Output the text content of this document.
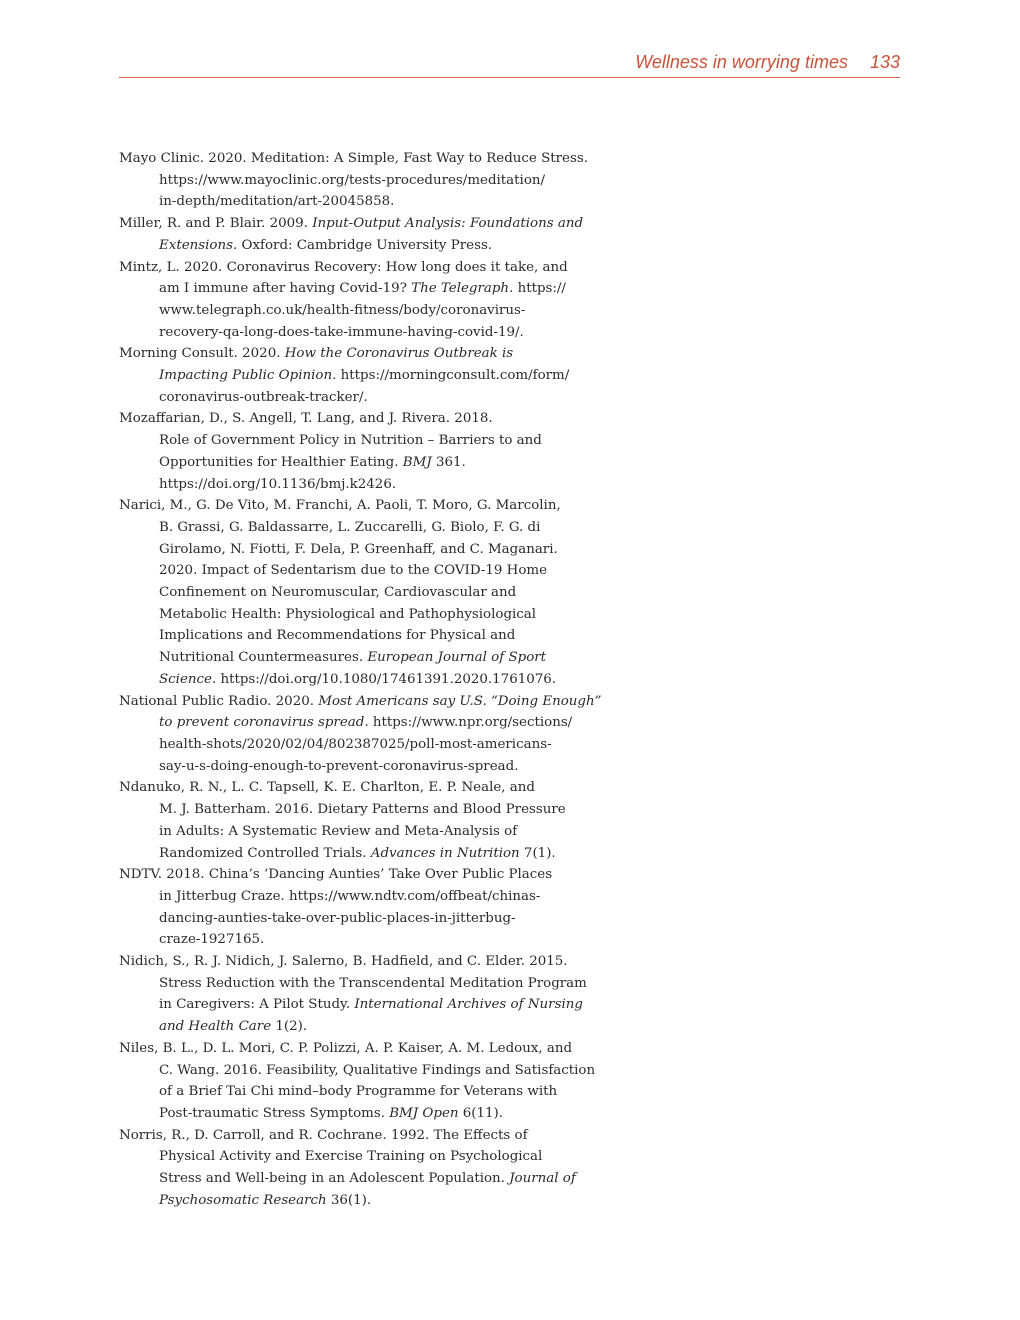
Wellness in worrying times 133

Mayo Clinic. 2020. Meditation: A Simple, Fast Way to Reduce Stress.
https://www.mayoclinic.org/tests-procedures/meditation/
in-depth/meditation/art-20045858.

Miller, R. and P. Blair. 2009. Input-Output Analysis: Foundations and
Extensions. Oxford: Cambridge University Press.

Mintz, L. 2020. Coronavirus Recovery: How long does it take, and
am I immune after having Covid-19? The Telegraph. https://
www.telegraph.co.uk/health-fitness/body/coronavirus-
recovery-qa-long-does-take-immune-having-covid-19/.

Morning Consult. 2020. How the Coronavirus Outbreak is
Impacting Public Opinion. https://morningconsult.com/form/
coronavirus-outbreak-tracker/.

Mozaffarian, D., S. Angell, T. Lang, and J. Rivera. 2018.
Role of Government Policy in Nutrition – Barriers to and
Opportunities for Healthier Eating. BMJ 361.
https://doi.org/10.1136/bmj.k2426.

Narici, M., G. De Vito, M. Franchi, A. Paoli, T. Moro, G. Marcolin,
B. Grassi, G. Baldassarre, L. Zuccarelli, G. Biolo, F. G. di
Girolamo, N. Fiotti, F. Dela, P. Greenhaff, and C. Maganari.
2020. Impact of Sedentarism due to the COVID-19 Home
Confinement on Neuromuscular, Cardiovascular and
Metabolic Health: Physiological and Pathophysiological
Implications and Recommendations for Physical and
Nutritional Countermeasures. European Journal of Sport
Science. https://doi.org/10.1080/17461391.2020.1761076.

National Public Radio. 2020. Most Americans say U.S. “Doing Enough”
to prevent coronavirus spread. https://www.npr.org/sections/
health-shots/2020/02/04/802387025/poll-most-americans-
say-u-s-doing-enough-to-prevent-coronavirus-spread.

Ndanuko, R. N., L. C. Tapsell, K. E. Charlton, E. P. Neale, and
M. J. Batterham. 2016. Dietary Patterns and Blood Pressure
in Adults: A Systematic Review and Meta-Analysis of
Randomized Controlled Trials. Advances in Nutrition 7(1).

NDTV. 2018. China’s ‘Dancing Aunties’ Take Over Public Places
in Jitterbug Craze. https://www.ndtv.com/offbeat/chinas-
dancing-aunties-take-over-public-places-in-jitterbug-
craze-1927165.

Nidich, S., R. J. Nidich, J. Salerno, B. Hadfield, and C. Elder. 2015.
Stress Reduction with the Transcendental Meditation Program
in Caregivers: A Pilot Study. International Archives of Nursing
and Health Care 1(2).

Niles, B. L., D. L. Mori, C. P. Polizzi, A. P. Kaiser, A. M. Ledoux, and
C. Wang. 2016. Feasibility, Qualitative Findings and Satisfaction
of a Brief Tai Chi mind–body Programme for Veterans with
Post-traumatic Stress Symptoms. BMJ Open 6(11).

Norris, R., D. Carroll, and R. Cochrane. 1992. The Effects of
Physical Activity and Exercise Training on Psychological
Stress and Well-being in an Adolescent Population. Journal of
Psychosomatic Research 36(1).
